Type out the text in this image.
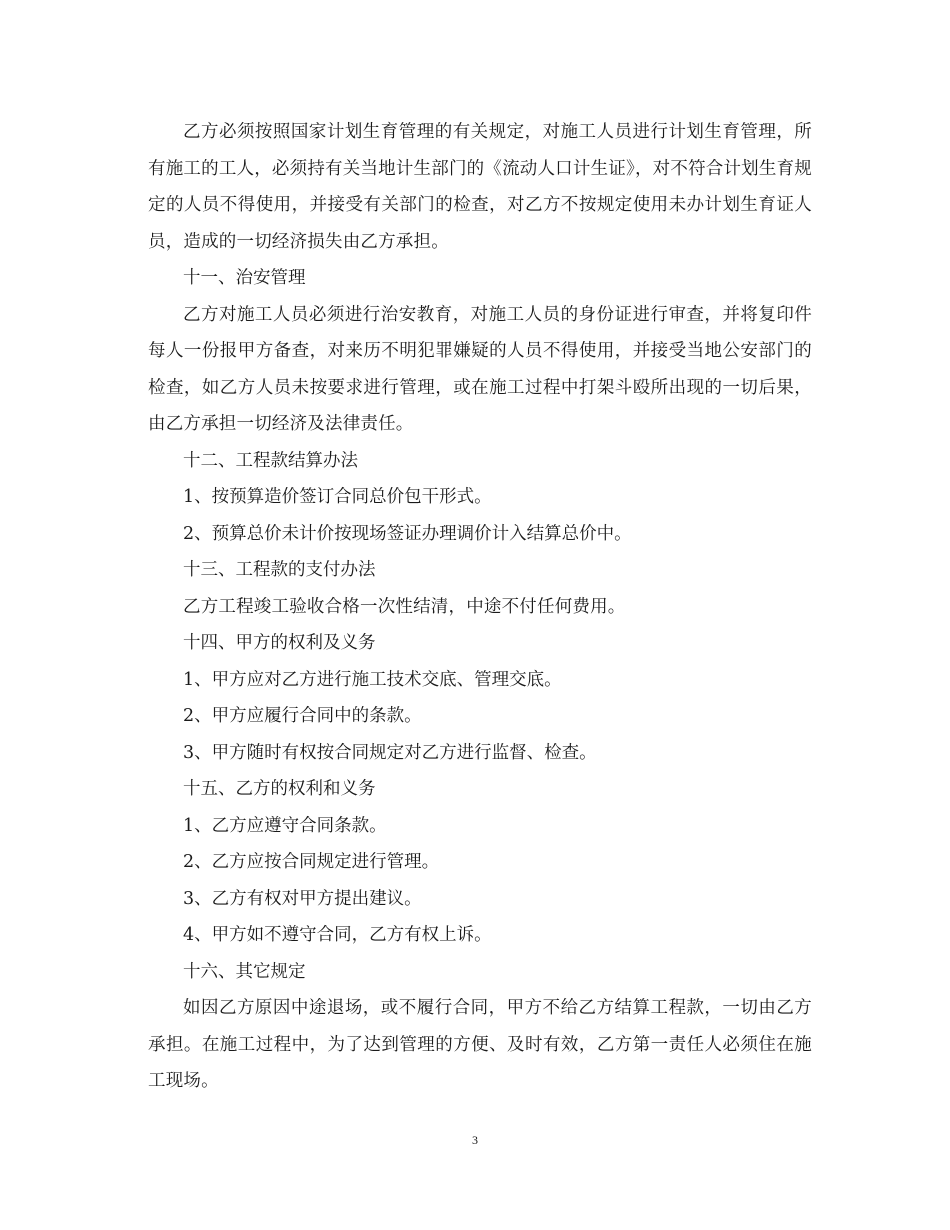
乙方必须按照国家计划生育管理的有关规定，对施工人员进行计划生育管理，所有施工的工人，必须持有关当地计生部门的《流动人口计生证》，对不符合计划生育规定的人员不得使用，并接受有关部门的检查，对乙方不按规定使用未办计划生育证人员，造成的一切经济损失由乙方承担。

十一、治安管理

乙方对施工人员必须进行治安教育，对施工人员的身份证进行审查，并将复印件每人一份报甲方备查，对来历不明犯罪嫌疑的人员不得使用，并接受当地公安部门的检查，如乙方人员未按要求进行管理，或在施工过程中打架斗殴所出现的一切后果，由乙方承担一切经济及法律责任。

十二、工程款结算办法

1、按预算造价签订合同总价包干形式。

2、预算总价未计价按现场签证办理调价计入结算总价中。

十三、工程款的支付办法

乙方工程竣工验收合格一次性结清，中途不付任何费用。

十四、甲方的权利及义务

1、甲方应对乙方进行施工技术交底、管理交底。

2、甲方应履行合同中的条款。

3、甲方随时有权按合同规定对乙方进行监督、检查。

十五、乙方的权利和义务

1、乙方应遵守合同条款。

2、乙方应按合同规定进行管理。

3、乙方有权对甲方提出建议。

4、甲方如不遵守合同，乙方有权上诉。

十六、其它规定

如因乙方原因中途退场，或不履行合同，甲方不给乙方结算工程款，一切由乙方承担。在施工过程中，为了达到管理的方便、及时有效，乙方第一责任人必须住在施工现场。

3
